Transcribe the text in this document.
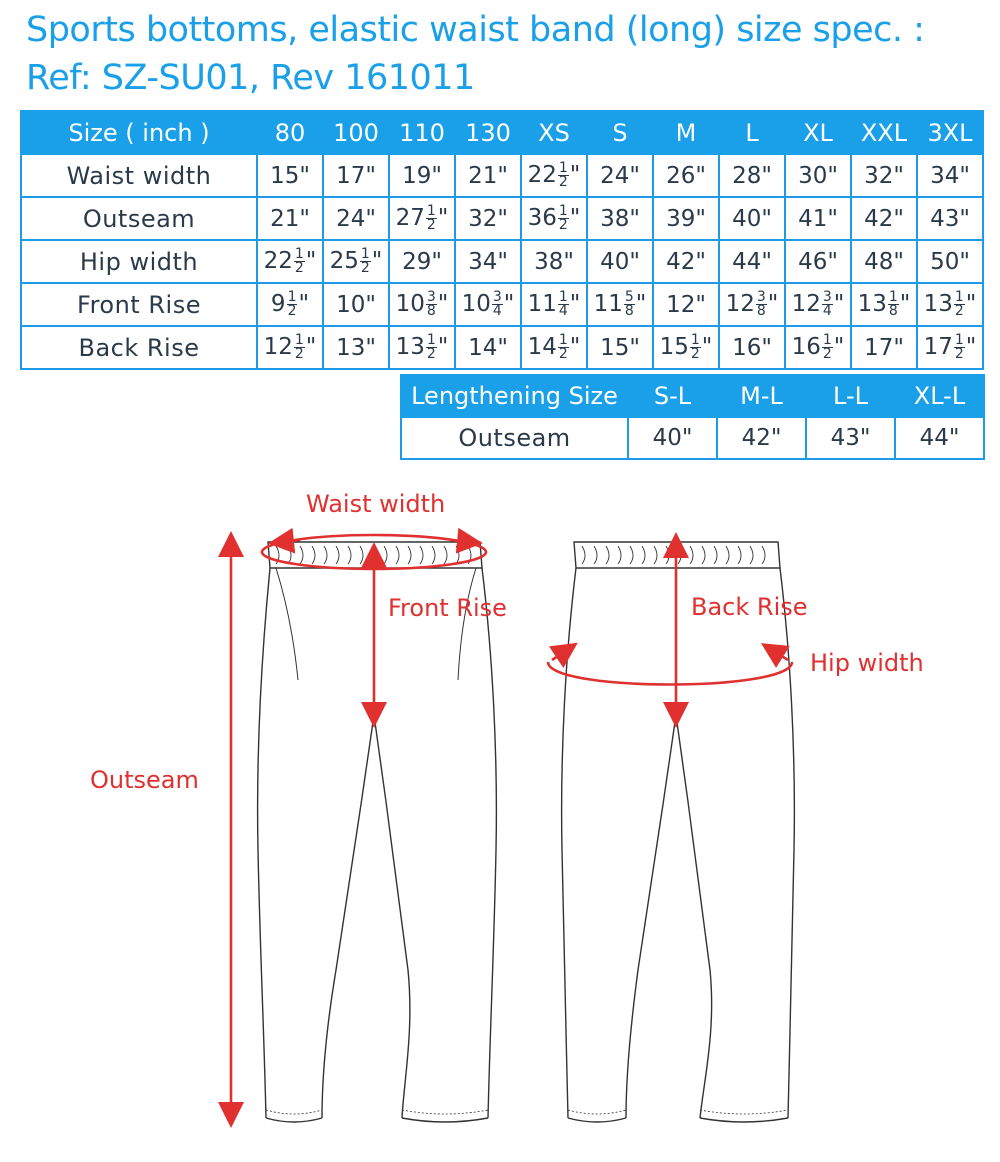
Sports bottoms, elastic waist band (long) size spec. :
Ref: SZ-SU01, Rev 161011
Size ( inch )	80	100	110	130	XS	S	M	L	XL	XXL	3XL
Waist width	15"	17"	19"	21"	$22 \frac{1}{2}$ "	24"	26"	28"	30"	32"	34"
Outseam	21"	24"	$27 \frac{1}{2}$ "	32"	$36 \frac{1}{2}$ "	38"	39"	40"	41"	42"	43"
Hip width	$22 \frac{1}{2}$ "	$25 \frac{1}{2}$ "	29"	34"	38"	40"	42"	44"	46"	48"	50"
Front Rise	$9 \frac{1}{2}$ "	10"	$10 \frac{3}{8}$ "	$10 \frac{3}{4}$ "	$11 \frac{1}{4}$ "	$11 \frac{5}{8}$ "	12"	$12 \frac{3}{8}$ "	$12 \frac{3}{4}$ "	$13 \frac{1}{8}$ "	$13 \frac{1}{2}$ "
Back Rise	$12 \frac{1}{2}$ "	13"	$13 \frac{1}{2}$ "	14"	$14 \frac{1}{2}$ "	15"	$15 \frac{1}{2}$ "	16"	$16 \frac{1}{2}$ "	17"	$17 \frac{1}{2}$ "
Lengthening Size	S-L	M-L	L-L	XL-L
Outseam	40"	42"	43"	44"
Waist width
Front Rise
Outseam
Back Rise
Hip width
